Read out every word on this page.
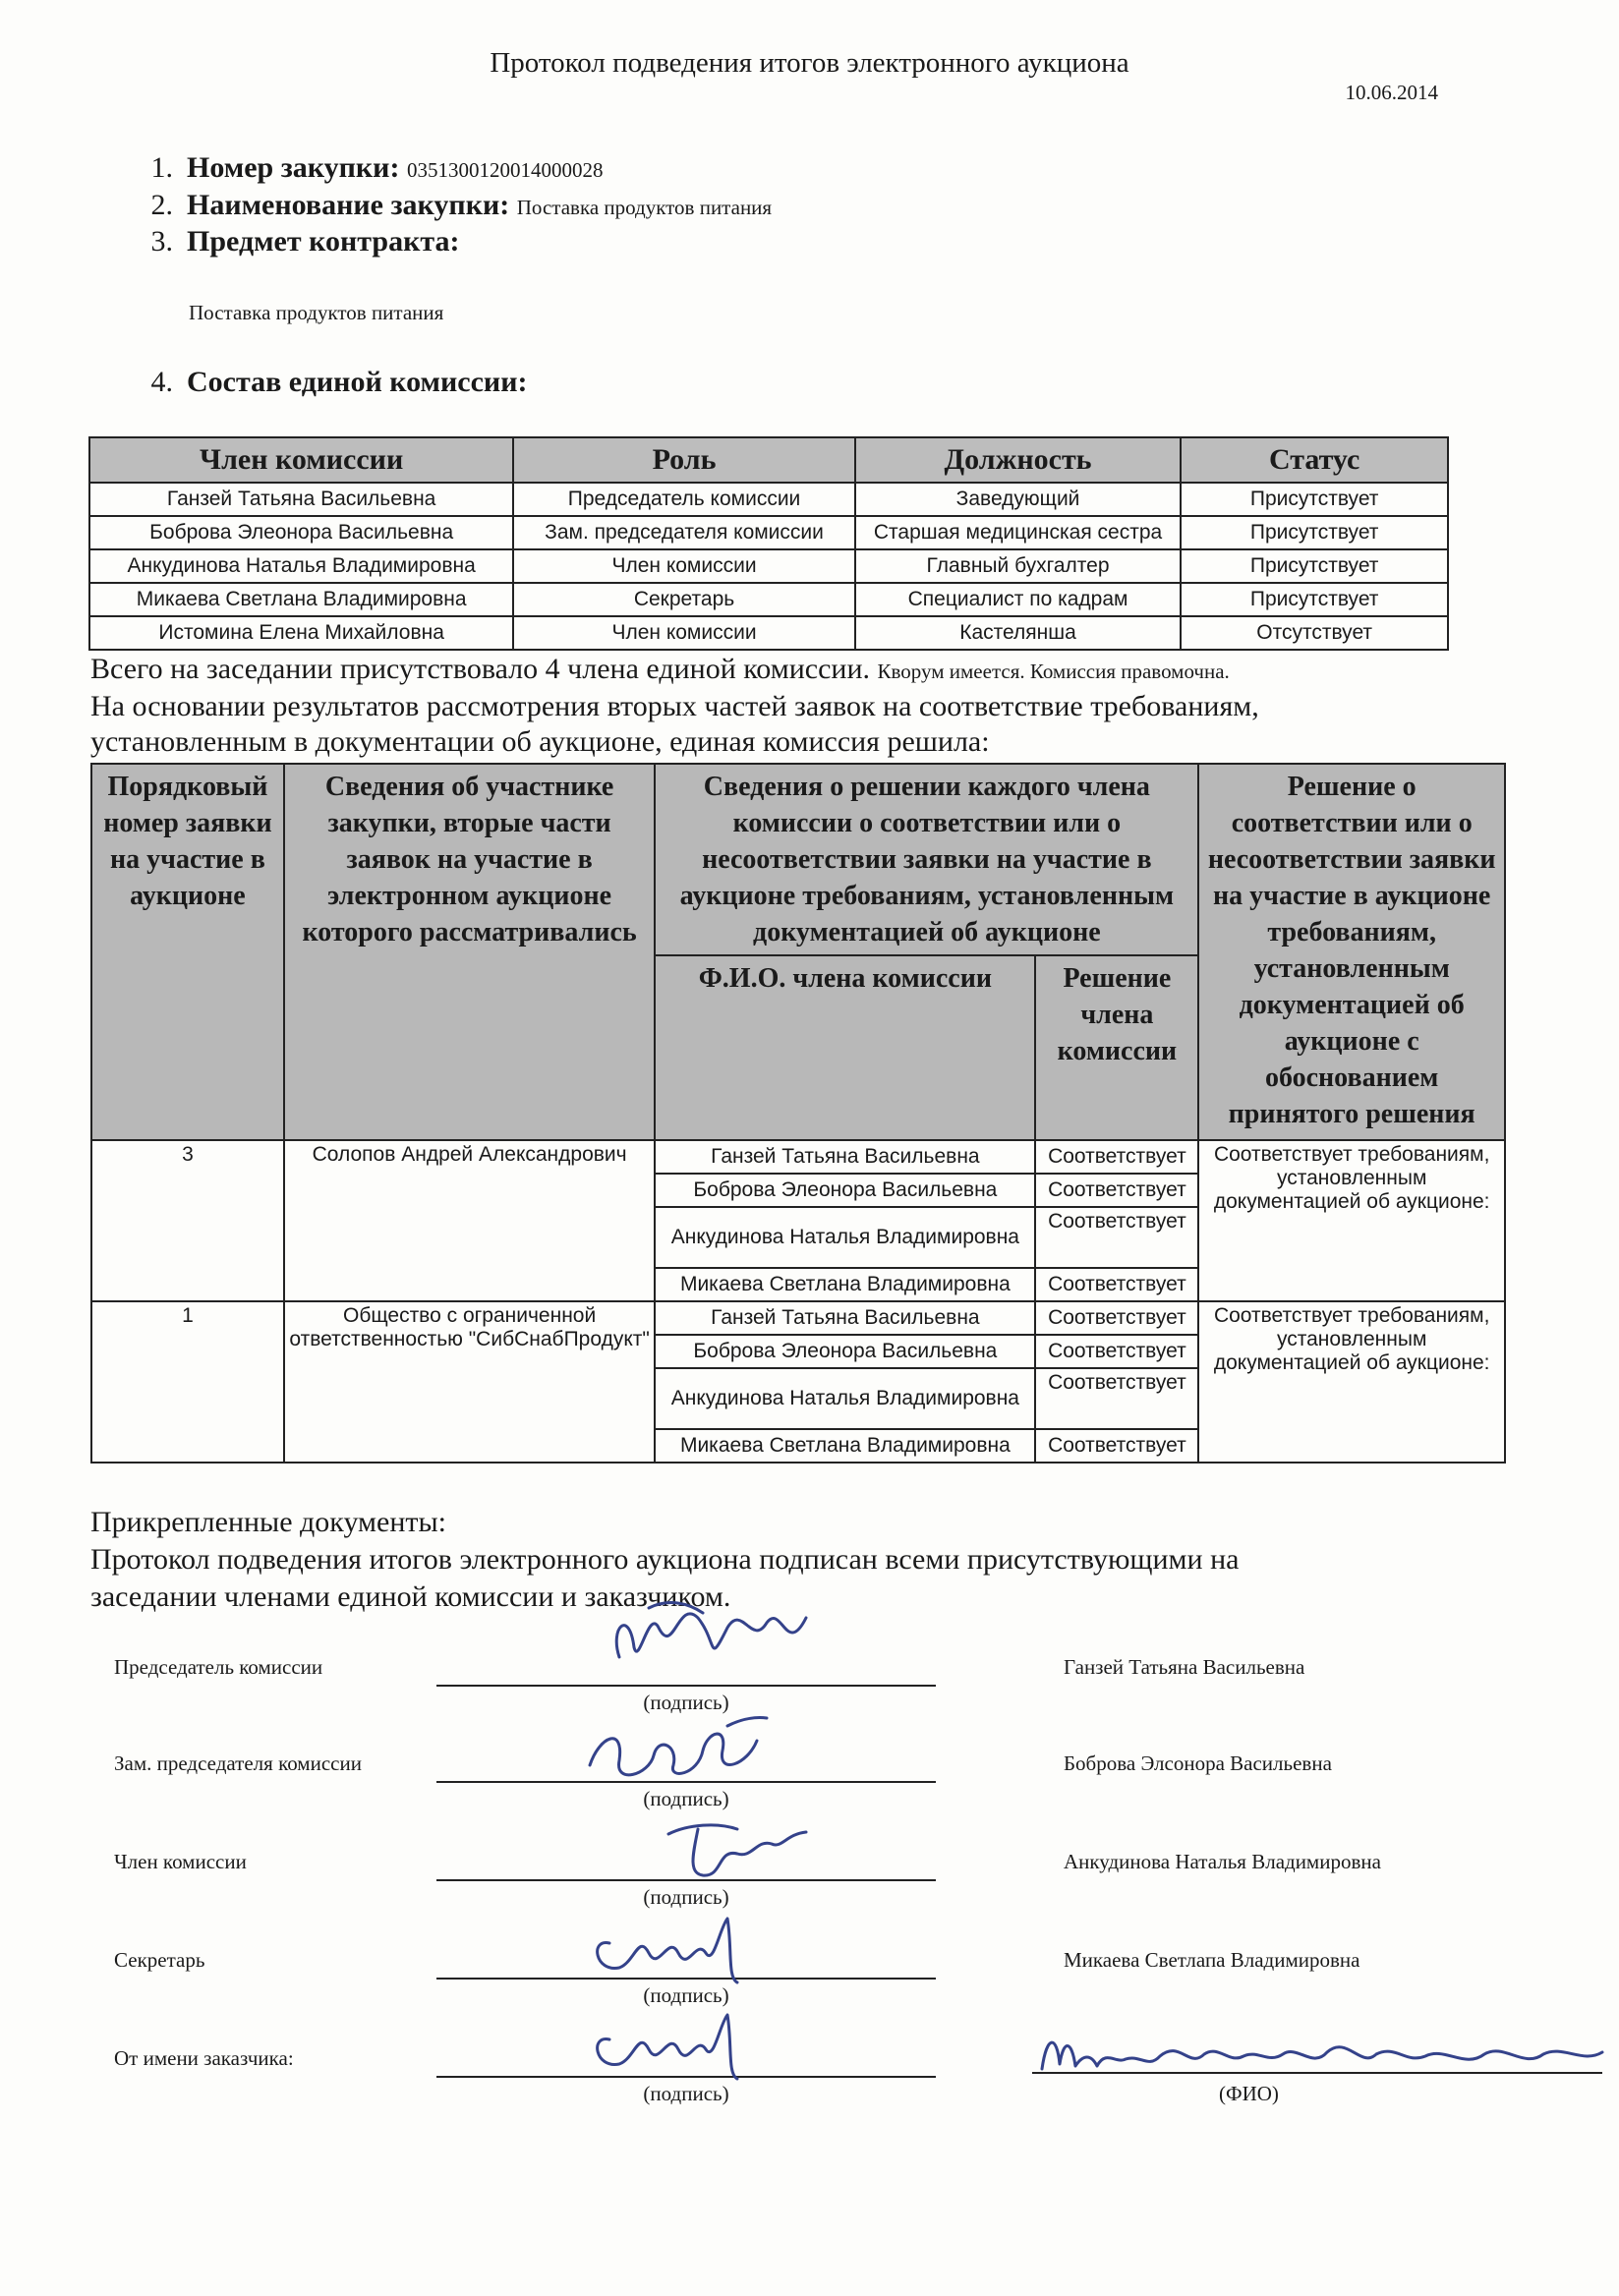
Протокол подведения итогов электронного аукциона
10.06.2014
1. Номер закупки: 0351300120014000028
2. Наименование закупки: Поставка продуктов питания
3. Предмет контракта:
Поставка продуктов питания
4. Состав единой комиссии:
Член комиссии	Роль	Должность	Статус
Ганзей Татьяна Васильевна	Председатель комиссии	Заведующий	Присутствует
Боброва Элеонора Васильевна	Зам. председателя комиссии	Старшая медицинская сестра	Присутствует
Анкудинова Наталья Владимировна	Член комиссии	Главный бухгалтер	Присутствует
Микаева Светлана Владимировна	Секретарь	Специалист по кадрам	Присутствует
Истомина Елена Михайловна	Член комиссии	Кастелянша	Отсутствует
Всего на заседании присутствовало 4 члена единой комиссии. Кворум имеется. Комиссия правомочна.
На основании результатов рассмотрения вторых частей заявок на соответствие требованиям,
установленным в документации об аукционе, единая комиссия решила:
Порядковый номер заявки на участие в аукционе	Сведения об участнике закупки, вторые части заявок на участие в электронном аукционе которого рассматривались	Сведения о решении каждого члена комиссии о соответствии или о несоответствии заявки на участие в аукционе требованиям, установленным документацией об аукционе		Решение о соответствии или о несоответствии заявки на участие в аукционе требованиям, установленным документацией об аукционе с обоснованием принятого решения
		Ф.И.О. члена комиссии	Решение члена комиссии	
3	Солопов Андрей Александрович	Ганзей Татьяна Васильевна	Соответствует	Соответствует требованиям, установленным документацией об аукционе:
		Боброва Элеонора Васильевна	Соответствует	
		Анкудинова Наталья Владимировна	Соответствует	
		Микаева Светлана Владимировна	Соответствует	
1	Общество с ограниченной ответственностью "СибСнабПродукт"	Ганзей Татьяна Васильевна	Соответствует	Соответствует требованиям, установленным документацией об аукционе:
		Боброва Элеонора Васильевна	Соответствует	
		Анкудинова Наталья Владимировна	Соответствует	
		Микаева Светлана Владимировна	Соответствует	
Прикрепленные документы:
Протокол подведения итогов электронного аукциона подписан всеми присутствующими на
заседании членами единой комиссии и заказчиком.
Председатель комиссии
(подпись)
Ганзей Татьяна Васильевна
Зам. председателя комиссии
(подпись)
Боброва Элсонора Васильевна
Член комиссии
(подпись)
Анкудинова Наталья Владимировна
Секретарь
(подпись)
Микаева Светлапа Владимировна
От имени заказчика:
(подпись)	(ФИО)
